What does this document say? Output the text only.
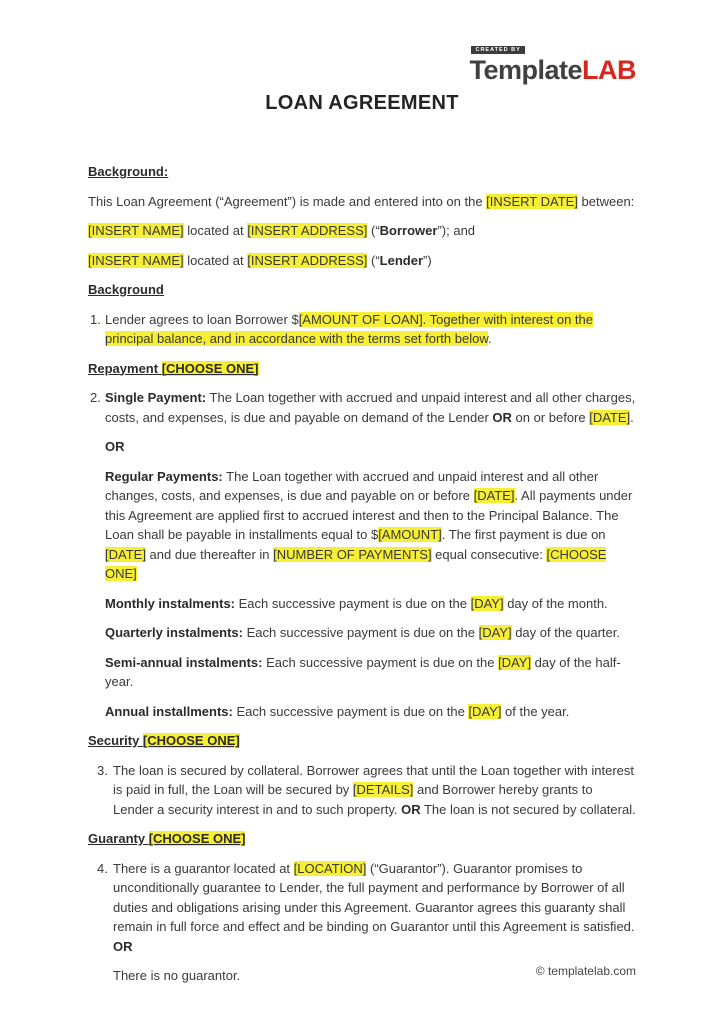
CREATED BY
TemplateLAB
LOAN AGREEMENT

Background:

This Loan Agreement (“Agreement”) is made and entered into on the [INSERT DATE] between:

[INSERT NAME] located at [INSERT ADDRESS] (“Borrower”); and

[INSERT NAME] located at [INSERT ADDRESS] (“Lender”)

Background

1. Lender agrees to loan Borrower $[AMOUNT OF LOAN]. Together with interest on the principal balance, and in accordance with the terms set forth below.

Repayment [CHOOSE ONE]

2. Single Payment: The Loan together with accrued and unpaid interest and all other charges, costs, and expenses, is due and payable on demand of the Lender OR on or before [DATE].

OR

Regular Payments: The Loan together with accrued and unpaid interest and all other changes, costs, and expenses, is due and payable on or before [DATE]. All payments under this Agreement are applied first to accrued interest and then to the Principal Balance. The Loan shall be payable in installments equal to $[AMOUNT]. The first payment is due on [DATE] and due thereafter in [NUMBER OF PAYMENTS] equal consecutive: [CHOOSE ONE]

Monthly instalments: Each successive payment is due on the [DAY] day of the month.

Quarterly instalments: Each successive payment is due on the [DAY] day of the quarter.

Semi-annual instalments: Each successive payment is due on the [DAY] day of the half-year.

Annual installments: Each successive payment is due on the [DAY] of the year.

Security [CHOOSE ONE]

3. The loan is secured by collateral. Borrower agrees that until the Loan together with interest is paid in full, the Loan will be secured by [DETAILS] and Borrower hereby grants to Lender a security interest in and to such property. OR The loan is not secured by collateral.

Guaranty [CHOOSE ONE]

4. There is a guarantor located at [LOCATION] (“Guarantor”). Guarantor promises to unconditionally guarantee to Lender, the full payment and performance by Borrower of all duties and obligations arising under this Agreement. Guarantor agrees this guaranty shall remain in full force and effect and be binding on Guarantor until this Agreement is satisfied. OR

There is no guarantor.	© templatelab.com
